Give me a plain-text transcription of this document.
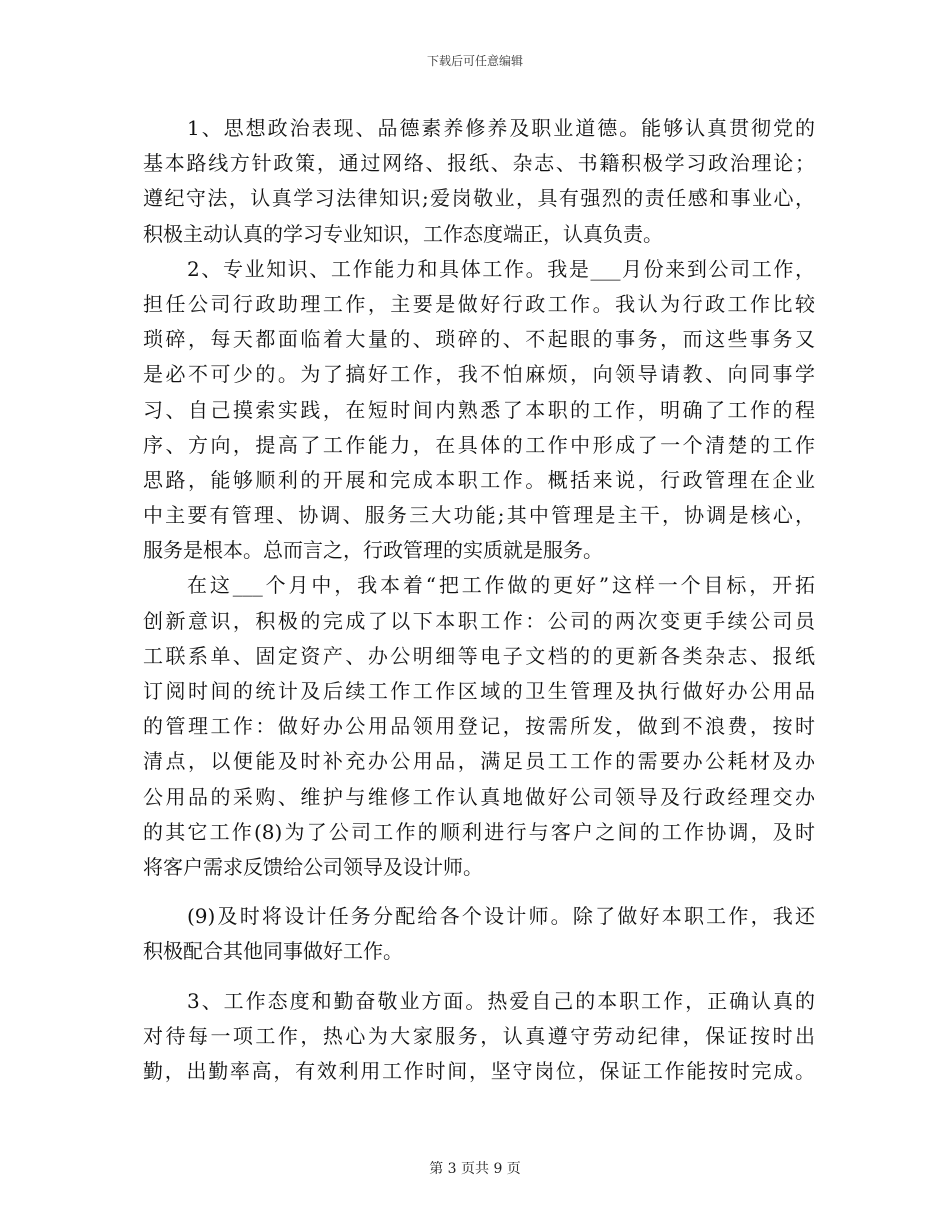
下载后可任意编辑
1、思想政治表现、品德素养修养及职业道德。能够认真贯彻党的
基本路线方针政策，通过网络、报纸、杂志、书籍积极学习政治理论；
遵纪守法，认真学习法律知识;爱岗敬业，具有强烈的责任感和事业心，
积极主动认真的学习专业知识，工作态度端正，认真负责。
2、专业知识、工作能力和具体工作。我是___月份来到公司工作，
担任公司行政助理工作，主要是做好行政工作。我认为行政工作比较
琐碎，每天都面临着大量的、琐碎的、不起眼的事务，而这些事务又
是必不可少的。为了搞好工作，我不怕麻烦，向领导请教、向同事学
习、自己摸索实践，在短时间内熟悉了本职的工作，明确了工作的程
序、方向，提高了工作能力，在具体的工作中形成了一个清楚的工作
思路，能够顺利的开展和完成本职工作。概括来说，行政管理在企业
中主要有管理、协调、服务三大功能;其中管理是主干，协调是核心，
服务是根本。总而言之，行政管理的实质就是服务。
在这___个月中，我本着“把工作做的更好”这样一个目标，开拓
创新意识，积极的完成了以下本职工作：公司的两次变更手续公司员
工联系单、固定资产、办公明细等电子文档的的更新各类杂志、报纸
订阅时间的统计及后续工作工作区域的卫生管理及执行做好办公用品
的管理工作：做好办公用品领用登记，按需所发，做到不浪费，按时
清点，以便能及时补充办公用品，满足员工工作的需要办公耗材及办
公用品的采购、维护与维修工作认真地做好公司领导及行政经理交办
的其它工作(8)为了公司工作的顺利进行与客户之间的工作协调，及时
将客户需求反馈给公司领导及设计师。
(9)及时将设计任务分配给各个设计师。除了做好本职工作，我还
积极配合其他同事做好工作。
3、工作态度和勤奋敬业方面。热爱自己的本职工作，正确认真的
对待每一项工作，热心为大家服务，认真遵守劳动纪律，保证按时出
勤，出勤率高，有效利用工作时间，坚守岗位，保证工作能按时完成。
第 3 页共 9 页
